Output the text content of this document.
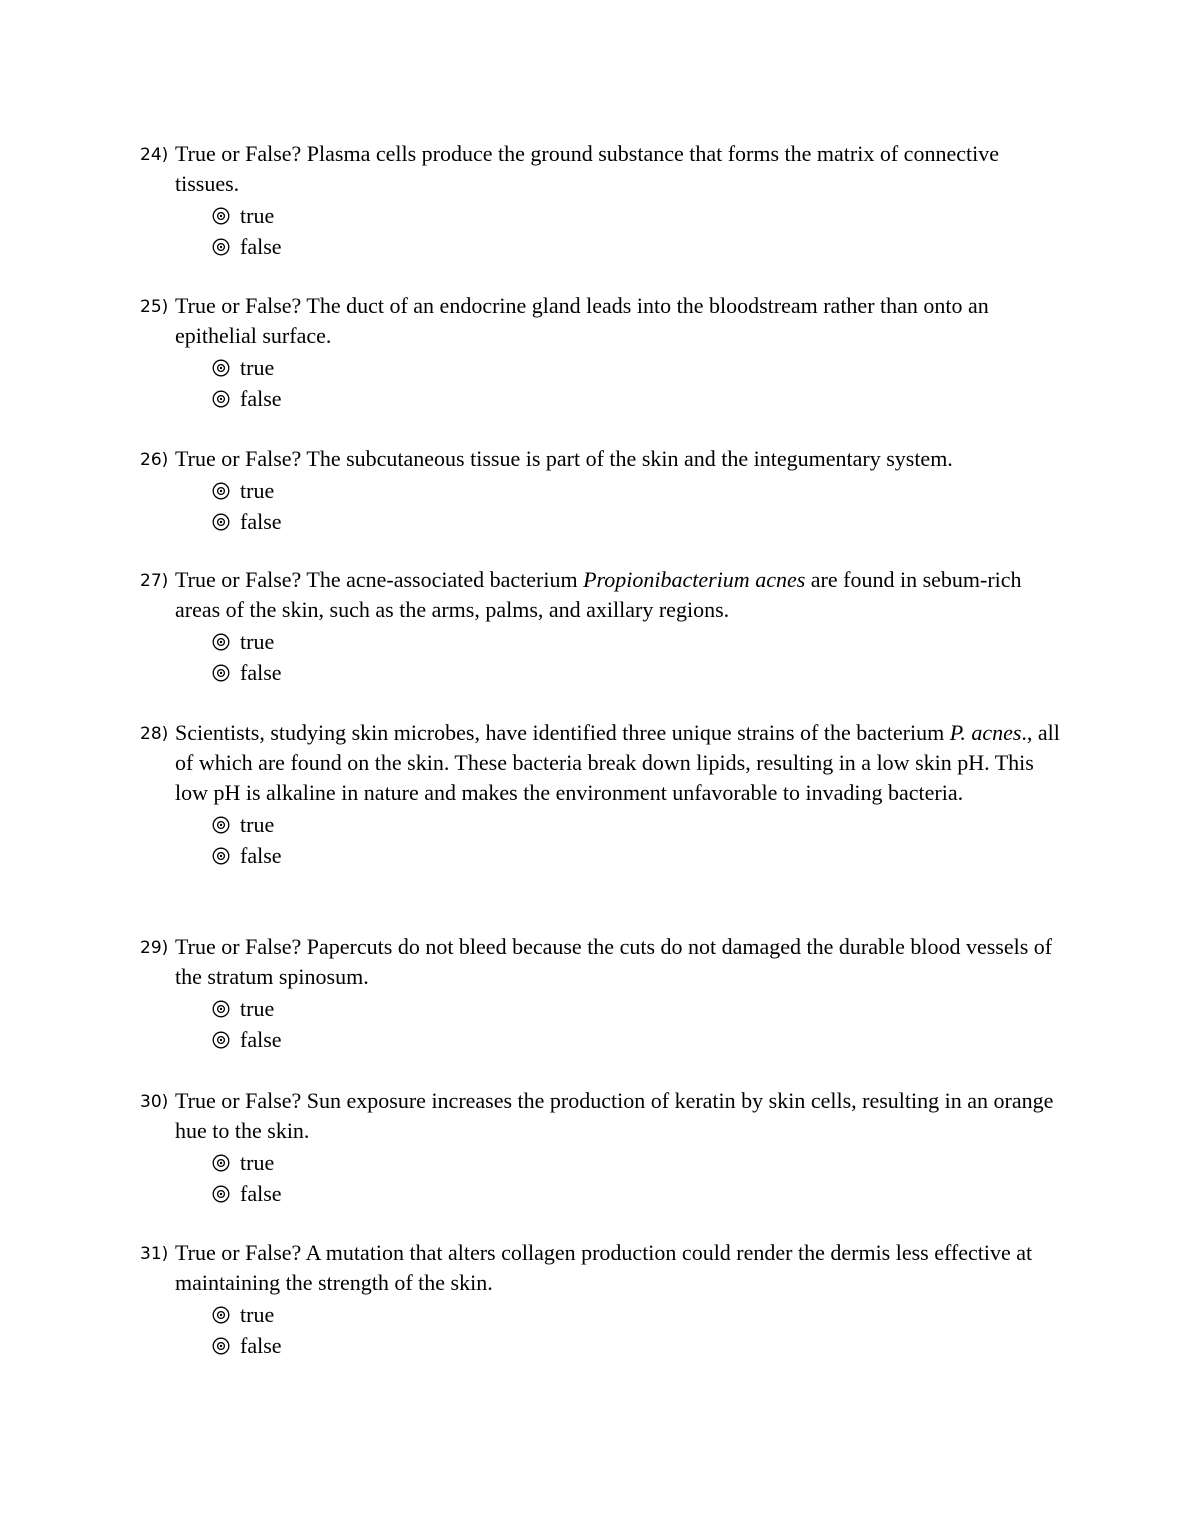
24) True or False? Plasma cells produce the ground substance that forms the matrix of connective tissues.
true
false
25) True or False? The duct of an endocrine gland leads into the bloodstream rather than onto an epithelial surface.
true
false
26) True or False? The subcutaneous tissue is part of the skin and the integumentary system.
true
false
27) True or False? The acne-associated bacterium Propionibacterium acnes are found in sebum-rich areas of the skin, such as the arms, palms, and axillary regions.
true
false
28) Scientists, studying skin microbes, have identified three unique strains of the bacterium P. acnes., all of which are found on the skin. These bacteria break down lipids, resulting in a low skin pH. This low pH is alkaline in nature and makes the environment unfavorable to invading bacteria.
true
false
29) True or False? Papercuts do not bleed because the cuts do not damaged the durable blood vessels of the stratum spinosum.
true
false
30) True or False? Sun exposure increases the production of keratin by skin cells, resulting in an orange hue to the skin.
true
false
31) True or False? A mutation that alters collagen production could render the dermis less effective at maintaining the strength of the skin.
true
false
